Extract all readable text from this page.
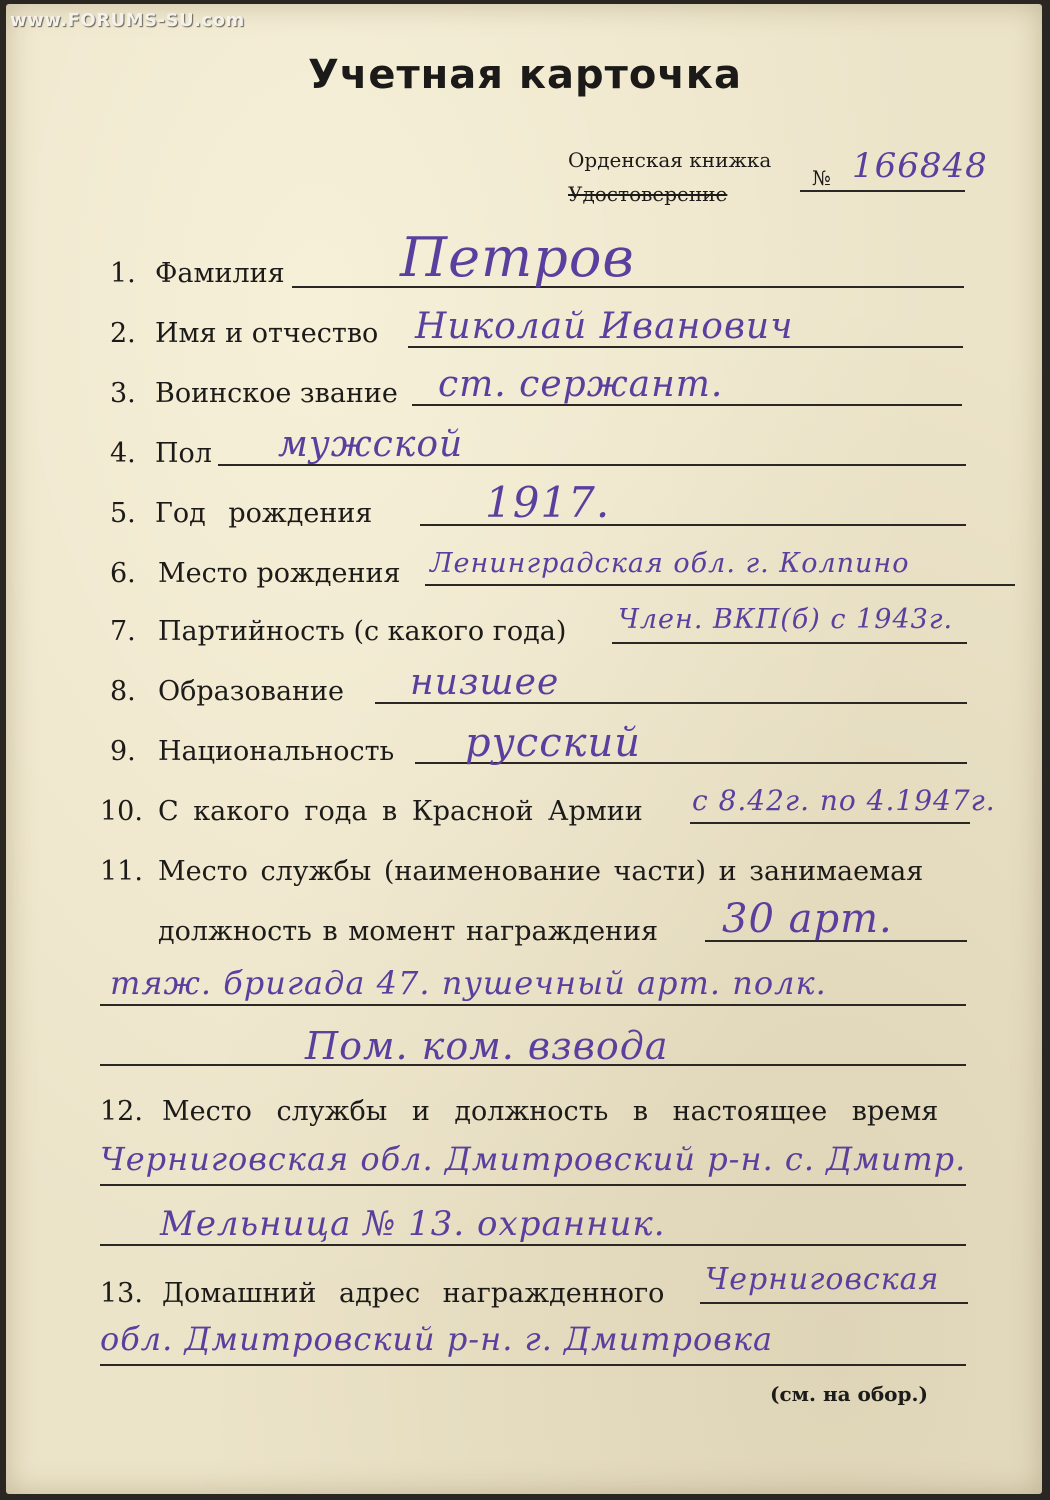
www.FORUMS-SU.com
Учетная карточка
Орденская книжка
Удостоверение
№ 166848
1. Фамилия Петров
2. Имя и отчество Николай Иванович
3. Воинское звание ст. сержант.
4. Пол мужской
5. Год рождения	1917.
6. Место рождения Ленинградская обл. г. Колпино
7. Партийность (с какого года) Член. ВКП(б) с 1943г.
8. Образование низшее
9. Национальность русский
10. С какого года в Красной Армии с 8.42г. по 4.1947г.
11. Место службы (наименование части) и занимаемая
должность в момент награждения 30 арт.
тяж. бригада 47. пушечный арт. полк.
Пом. ком. взвода
12. Место службы и должность в настоящее время
Черниговская обл. Дмитровский р-н. с. Дмитр.
Мельница № 13. охранник.
13. Домашний адрес награжденного Черниговская
обл. Дмитровский р-н. г. Дмитровка
(см. на обор.)
